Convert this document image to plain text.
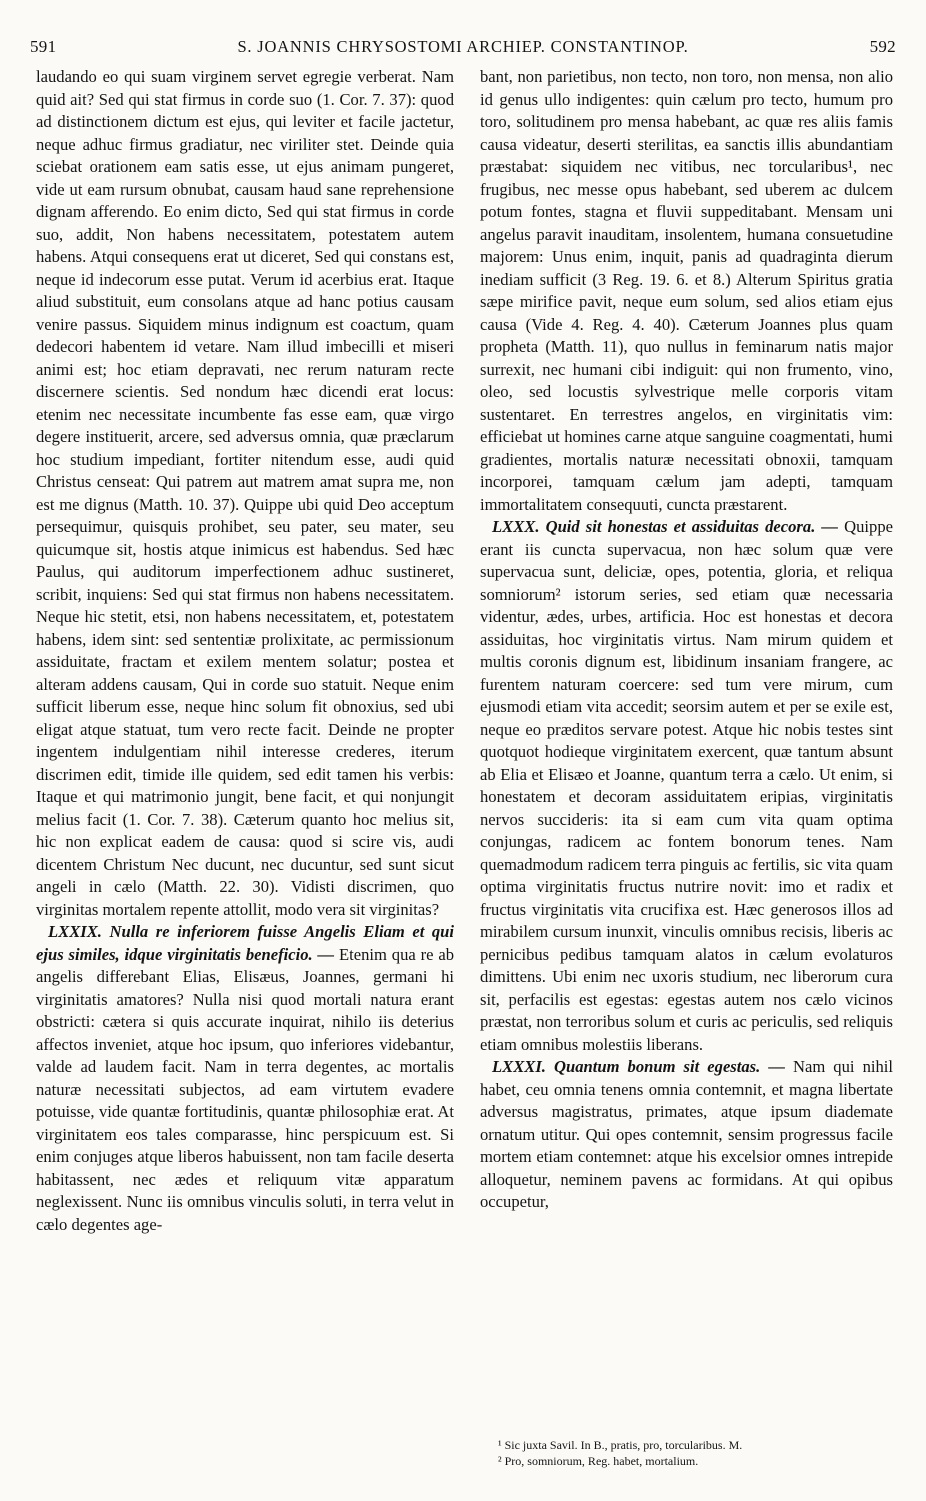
591	S. JOANNIS CHRYSOSTOMI ARCHIEP. CONSTANTINOP.	592

laudando eo qui suam virginem servet egregie verberat. Nam quid ait? Sed qui stat firmus in corde suo (1. Cor. 7. 37): quod ad distinctionem dictum est ejus, qui leviter et facile jactetur, neque adhuc firmus gradiatur, nec viriliter stet. Deinde quia sciebat orationem eam satis esse, ut ejus animam pungeret, vide ut eam rursum obnubat, causam haud sane reprehensione dignam afferendo. Eo enim dicto, Sed qui stat firmus in corde suo, addit, Non habens necessitatem, potestatem autem habens. Atqui consequens erat ut diceret, Sed qui constans est, neque id indecorum esse putat. Verum id acerbius erat. Itaque aliud substituit, eum consolans atque ad hanc potius causam venire passus. Siquidem minus indignum est coactum, quam dedecori habentem id vetare. Nam illud imbecilli et miseri animi est; hoc etiam depravati, nec rerum naturam recte discernere scientis. Sed nondum hæc dicendi erat locus: etenim nec necessitate incumbente fas esse eam, quæ virgo degere instituerit, arcere, sed adversus omnia, quæ præclarum hoc studium impediant, fortiter nitendum esse, audi quid Christus censeat: Qui patrem aut matrem amat supra me, non est me dignus (Matth. 10. 37). Quippe ubi quid Deo acceptum persequimur, quisquis prohibet, seu pater, seu mater, seu quicumque sit, hostis atque inimicus est habendus. Sed hæc Paulus, qui auditorum imperfectionem adhuc sustineret, scribit, inquiens: Sed qui stat firmus non habens necessitatem. Neque hic stetit, etsi, non habens necessitatem, et, potestatem habens, idem sint: sed sententiæ prolixitate, ac permissionum assiduitate, fractam et exilem mentem solatur; postea et alteram addens causam, Qui in corde suo statuit. Neque enim sufficit liberum esse, neque hinc solum fit obnoxius, sed ubi eligat atque statuat, tum vero recte facit. Deinde ne propter ingentem indulgentiam nihil interesse crederes, iterum discrimen edit, timide ille quidem, sed edit tamen his verbis: Itaque et qui matrimonio jungit, bene facit, et qui nonjungit melius facit (1. Cor. 7. 38). Cæterum quanto hoc melius sit, hic non explicat eadem de causa: quod si scire vis, audi dicentem Christum Nec ducunt, nec ducuntur, sed sunt sicut angeli in cælo (Matth. 22. 30). Vidisti discrimen, quo virginitas mortalem repente attollit, modo vera sit virginitas?

LXXIX. Nulla re inferiorem fuisse Angelis Eliam et qui ejus similes, idque virginitatis beneficio. — Etenim qua re ab angelis differebant Elias, Elisæus, Joannes, germani hi virginitatis amatores? Nulla nisi quod mortali natura erant obstricti: cætera si quis accurate inquirat, nihilo iis deterius affectos inveniet, atque hoc ipsum, quo inferiores videbantur, valde ad laudem facit. Nam in terra degentes, ac mortalis naturæ necessitati subjectos, ad eam virtutem evadere potuisse, vide quantæ fortitudinis, quantæ philosophiæ erat. At virginitatem eos tales comparasse, hinc perspicuum est. Si enim conjuges atque liberos habuissent, non tam facile deserta habitassent, nec ædes et reliquum vitæ apparatum neglexissent. Nunc iis omnibus vinculis soluti, in terra velut in cælo degentes age-

bant, non parietibus, non tecto, non toro, non mensa, non alio id genus ullo indigentes: quin cælum pro tecto, humum pro toro, solitudinem pro mensa habebant, ac quæ res aliis famis causa videatur, deserti sterilitas, ea sanctis illis abundantiam præstabat: siquidem nec vitibus, nec torcularibus¹, nec frugibus, nec messe opus habebant, sed uberem ac dulcem potum fontes, stagna et fluvii suppeditabant. Mensam uni angelus paravit inauditam, insolentem, humana consuetudine majorem: Unus enim, inquit, panis ad quadraginta dierum inediam sufficit (3 Reg. 19. 6. et 8.) Alterum Spiritus gratia sæpe mirifice pavit, neque eum solum, sed alios etiam ejus causa (Vide 4. Reg. 4. 40). Cæterum Joannes plus quam propheta (Matth. 11), quo nullus in feminarum natis major surrexit, nec humani cibi indiguit: qui non frumento, vino, oleo, sed locustis sylvestrique melle corporis vitam sustentaret. En terrestres angelos, en virginitatis vim: efficiebat ut homines carne atque sanguine coagmentati, humi gradientes, mortalis naturæ necessitati obnoxii, tamquam incorporei, tamquam cælum jam adepti, tamquam immortalitatem consequuti, cuncta præstarent.

LXXX. Quid sit honestas et assiduitas decora. — Quippe erant iis cuncta supervacua, non hæc solum quæ vere supervacua sunt, deliciæ, opes, potentia, gloria, et reliqua somniorum² istorum series, sed etiam quæ necessaria videntur, ædes, urbes, artificia. Hoc est honestas et decora assiduitas, hoc virginitatis virtus. Nam mirum quidem et multis coronis dignum est, libidinum insaniam frangere, ac furentem naturam coercere: sed tum vere mirum, cum ejusmodi etiam vita accedit; seorsim autem et per se exile est, neque eo præditos servare potest. Atque hic nobis testes sint quotquot hodieque virginitatem exercent, quæ tantum absunt ab Elia et Elisæo et Joanne, quantum terra a cælo. Ut enim, si honestatem et decoram assiduitatem eripias, virginitatis nervos succideris: ita si eam cum vita quam optima conjungas, radicem ac fontem bonorum tenes. Nam quemadmodum radicem terra pinguis ac fertilis, sic vita quam optima virginitatis fructus nutrire novit: imo et radix et fructus virginitatis vita crucifixa est. Hæc generosos illos ad mirabilem cursum inunxit, vinculis omnibus recisis, liberis ac pernicibus pedibus tamquam alatos in cælum evolaturos dimittens. Ubi enim nec uxoris studium, nec liberorum cura sit, perfacilis est egestas: egestas autem nos cælo vicinos præstat, non terroribus solum et curis ac periculis, sed reliquis etiam omnibus molestiis liberans.

LXXXI. Quantum bonum sit egestas. — Nam qui nihil habet, ceu omnia tenens omnia contemnit, et magna libertate adversus magistratus, primates, atque ipsum diademate ornatum utitur. Qui opes contemnit, sensim progressus facile mortem etiam contemnet: atque his excelsior omnes intrepide alloquetur, neminem pavens ac formidans. At qui opibus occupetur,

¹ Sic juxta Savil. In B., pratis, pro, torcularibus. M.
² Pro, somniorum, Reg. habet, mortalium.
